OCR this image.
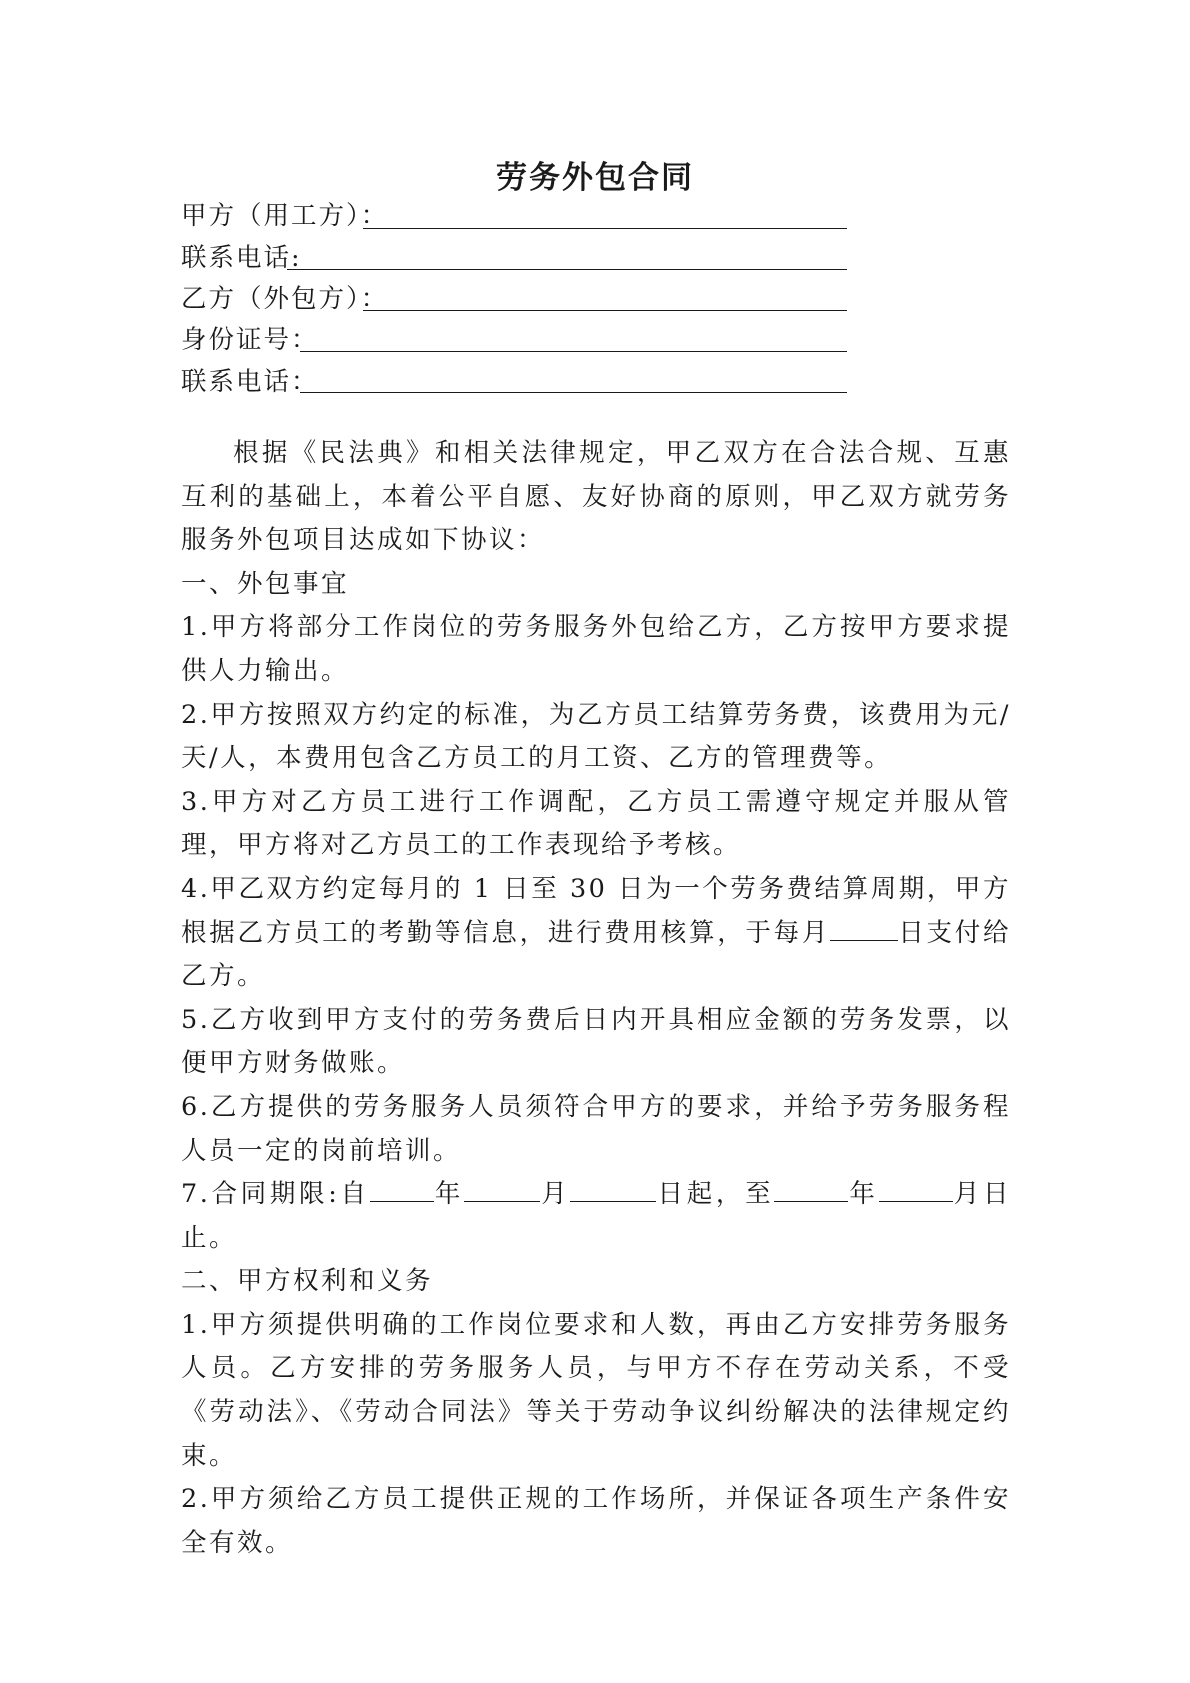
劳务外包合同
甲方（用工方）：
联系电话:
乙方（外包方）：
身份证号：
联系电话：

根据《民法典》和相关法律规定，甲乙双方在合法合规、互惠互利的基础上，本着公平自愿、友好协商的原则，甲乙双方就劳务服务外包项目达成如下协议：

一、外包事宜

1.甲方将部分工作岗位的劳务服务外包给乙方，乙方按甲方要求提供人力输出。

2.甲方按照双方约定的标准，为乙方员工结算劳务费，该费用为元/天/人，本费用包含乙方员工的月工资、乙方的管理费等。

3.甲方对乙方员工进行工作调配，乙方员工需遵守规定并服从管理，甲方将对乙方员工的工作表现给予考核。

4.甲乙双方约定每月的 1 日至 30 日为一个劳务费结算周期，甲方根据乙方员工的考勤等信息，进行费用核算，于每月	日支付给乙方。

5.乙方收到甲方支付的劳务费后日内开具相应金额的劳务发票，以便甲方财务做账。

6.乙方提供的劳务服务人员须符合甲方的要求，并给予劳务服务程人员一定的岗前培训。

7.合同期限:自	年	月	日起，至	年	月日止。

二、甲方权利和义务

1.甲方须提供明确的工作岗位要求和人数，再由乙方安排劳务服务人员。乙方安排的劳务服务人员，与甲方不存在劳动关系，不受《劳动法》、《劳动合同法》等关于劳动争议纠纷解决的法律规定约束。

2.甲方须给乙方员工提供正规的工作场所，并保证各项生产条件安全有效。
